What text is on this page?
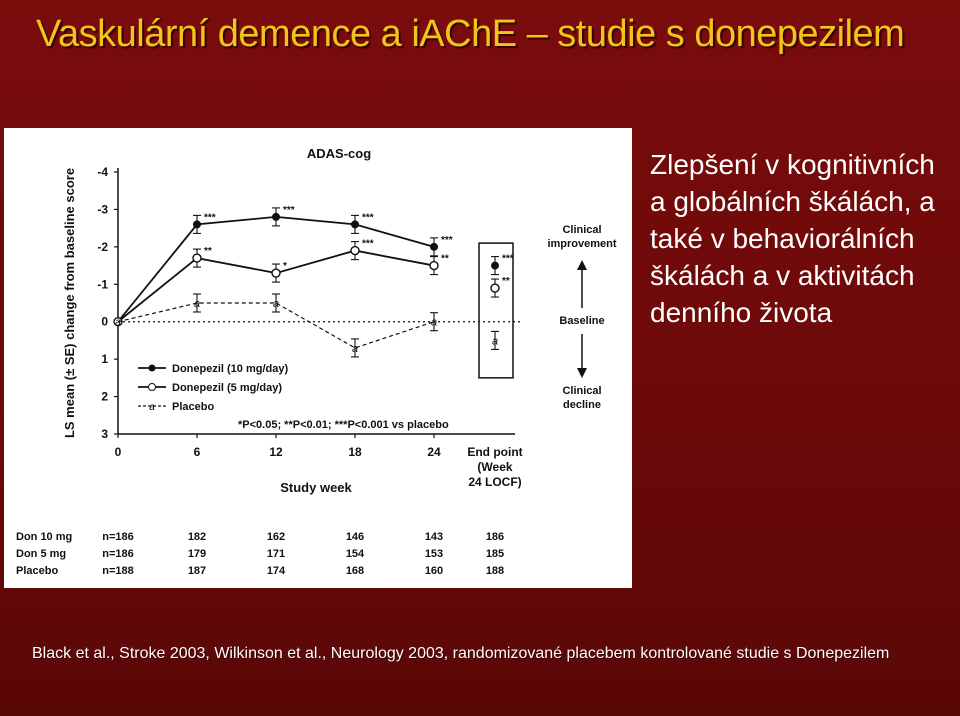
Vaskulární demence a iAChE – studie s donepezilem
LS mean (± SE) change from baseline score
ADAS-cog
-4
-3
-2
-1
0
1
2
3
0	6	12	18	24 End point
(Week
24 LOCF)
Study week
***
***
***
***
***
**
*
***
**
**
a
a	a
a
a
a
Donepezil (10 mg/day)
Donepezil (5 mg/day)
a Placebo
*P<0.05; **P<0.01; ***P<0.001 vs placebo
Clinical
improvement
Baseline
Clinical
decline
Don 10 mg	n=186	182	162	146	143	186
Don 5 mg	n=186	179	171	154	153	185
Placebo	n=188	187	174	168	160	188
Zlepšení v kognitivních a globálních škálách, a také v behaviorálních škálách a v aktivitách denního života
Black et al., Stroke 2003, Wilkinson et al., Neurology 2003, randomizované placebem kontrolované studie s Donepezilem
